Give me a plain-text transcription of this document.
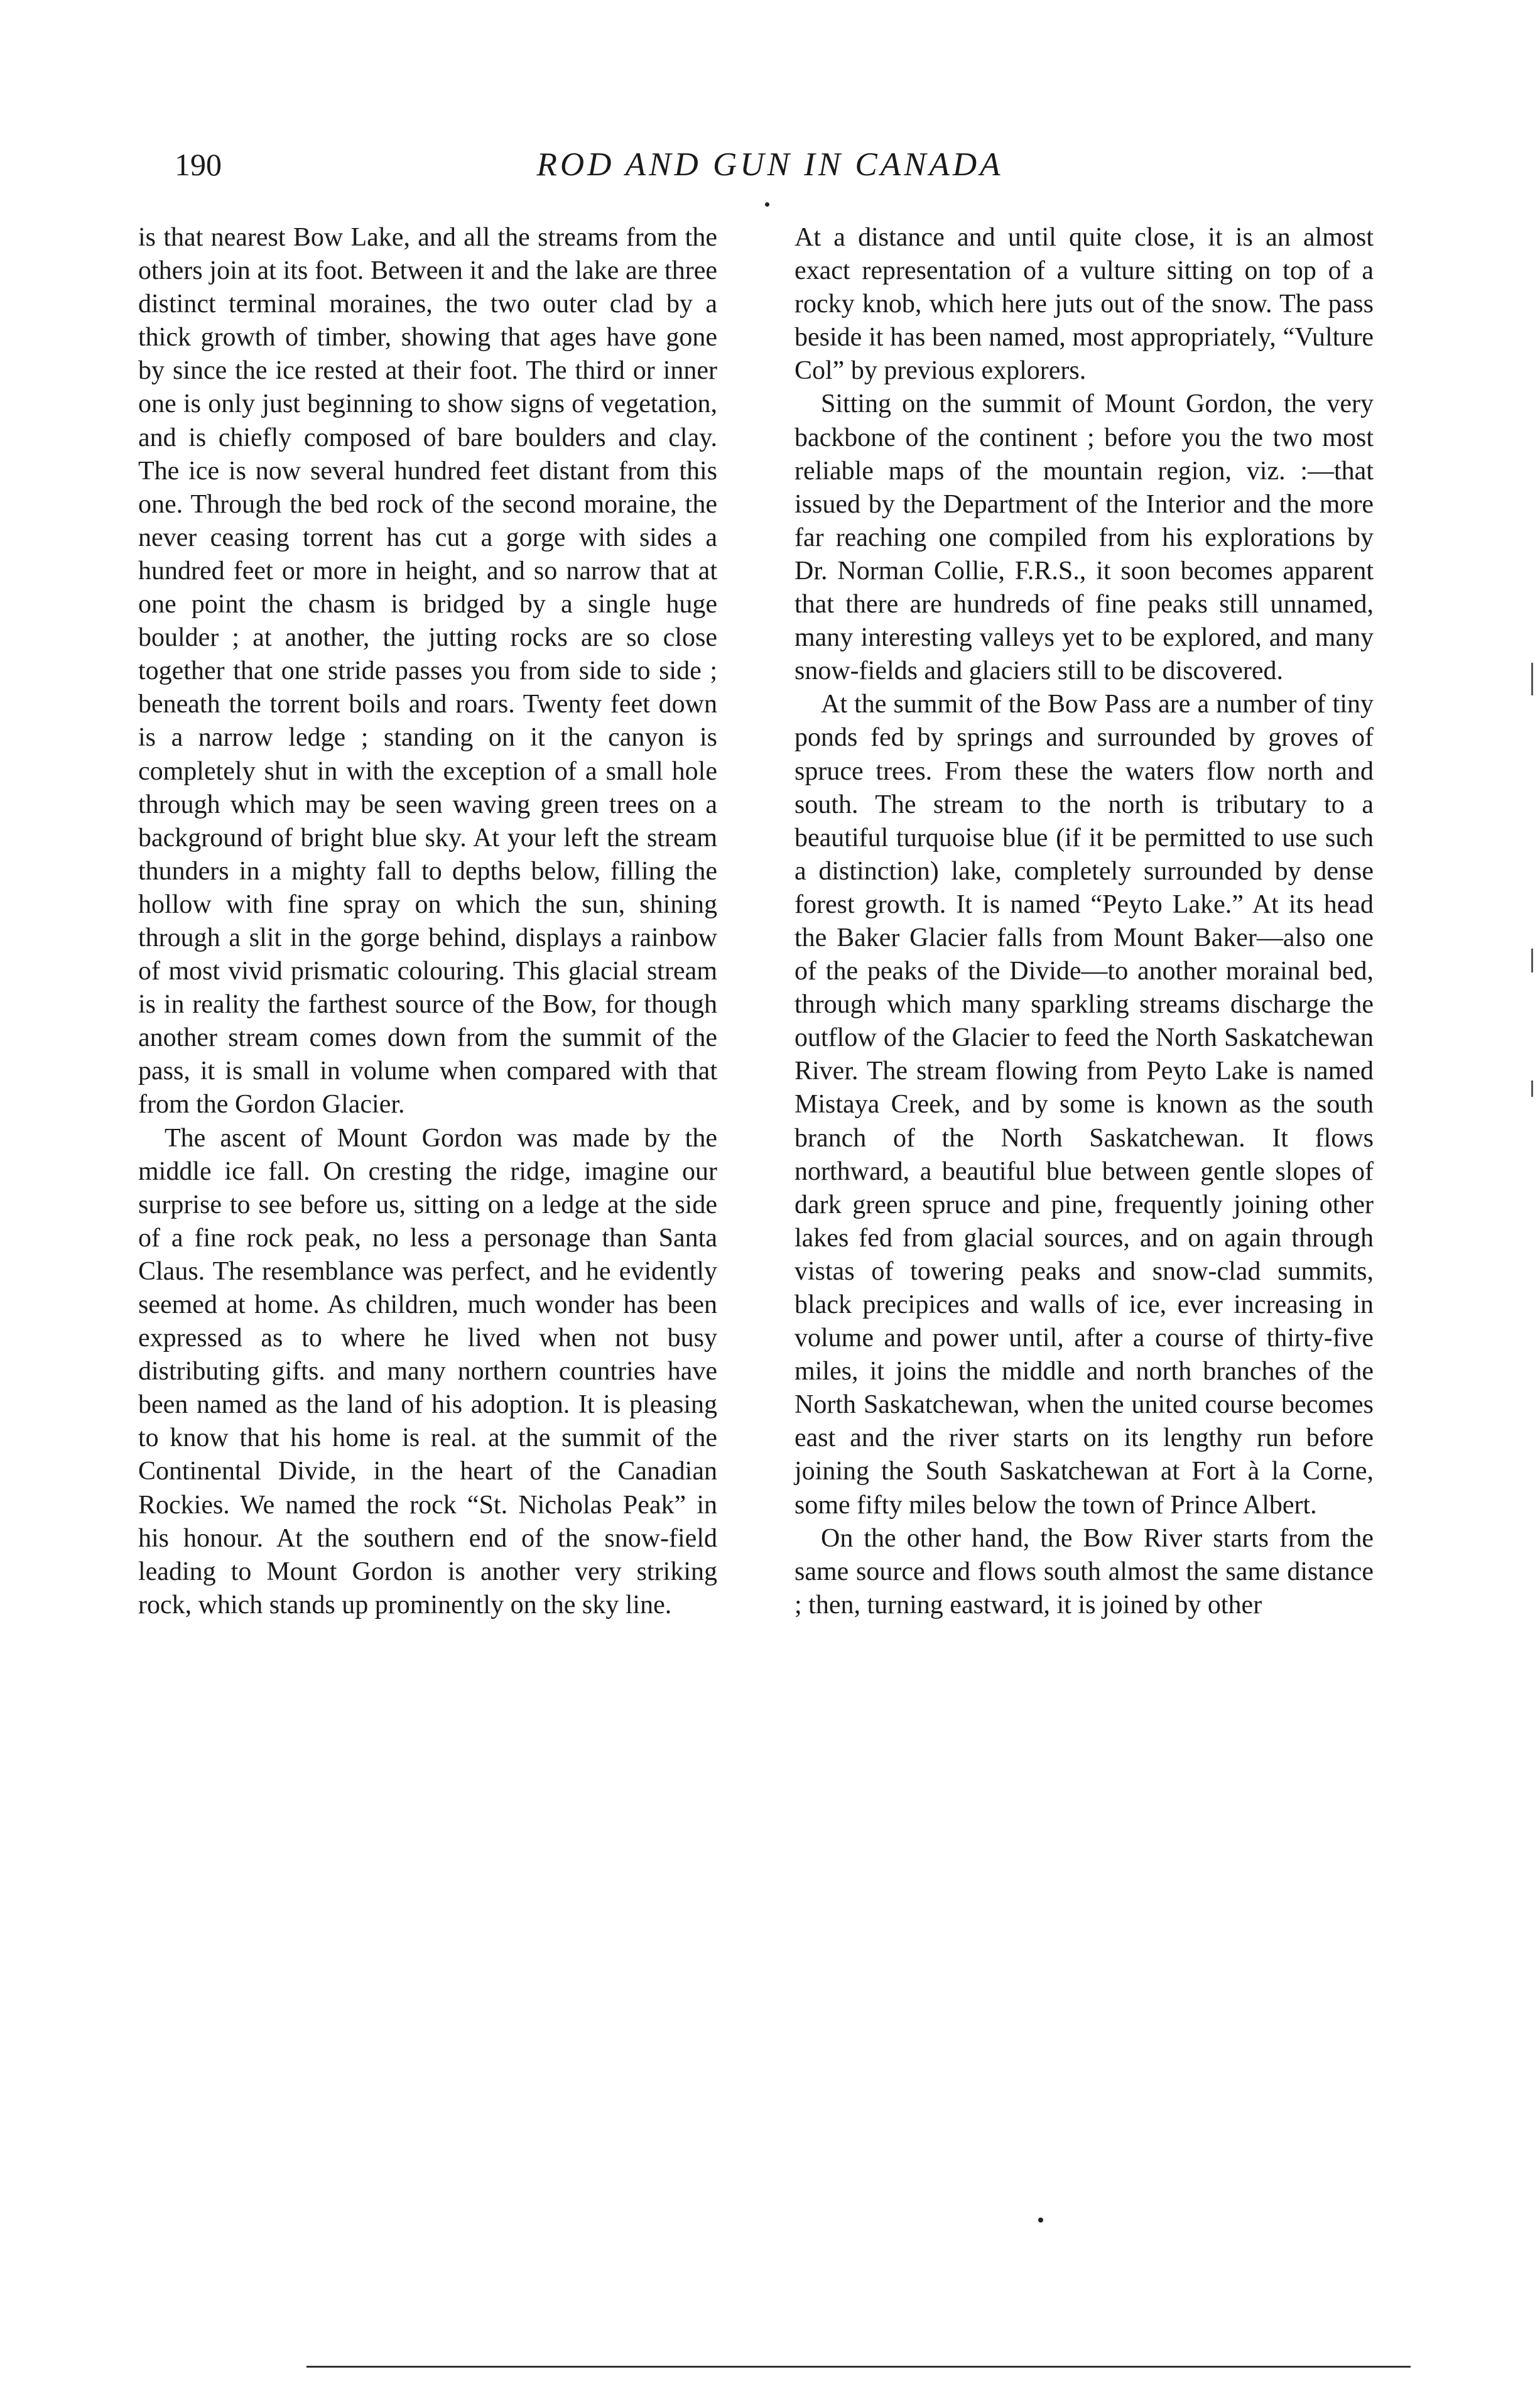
190	ROD AND GUN IN CANADA

is that nearest Bow Lake, and all the streams from the others join at its foot. Between it and the lake are three distinct terminal moraines, the two outer clad by a thick growth of timber, showing that ages have gone by since the ice rested at their foot. The third or inner one is only just beginning to show signs of vegetation, and is chiefly composed of bare boulders and clay. The ice is now several hundred feet distant from this one. Through the bed rock of the second moraine, the never ceasing torrent has cut a gorge with sides a hundred feet or more in height, and so narrow that at one point the chasm is bridged by a single huge boulder ; at another, the jutting rocks are so close together that one stride passes you from side to side ; beneath the torrent boils and roars. Twenty feet down is a narrow ledge ; standing on it the canyon is completely shut in with the exception of a small hole through which may be seen waving green trees on a background of bright blue sky. At your left the stream thunders in a mighty fall to depths below, filling the hollow with fine spray on which the sun, shining through a slit in the gorge behind, displays a rainbow of most vivid prismatic colouring. This glacial stream is in reality the farthest source of the Bow, for though another stream comes down from the summit of the pass, it is small in volume when compared with that from the Gordon Glacier.

The ascent of Mount Gordon was made by the middle ice fall. On cresting the ridge, imagine our surprise to see before us, sitting on a ledge at the side of a fine rock peak, no less a personage than Santa Claus. The resemblance was perfect, and he evidently seemed at home. As children, much wonder has been expressed as to where he lived when not busy distributing gifts. and many northern countries have been named as the land of his adoption. It is pleasing to know that his home is real. at the summit of the Continental Divide, in the heart of the Canadian Rockies. We named the rock “St. Nicholas Peak” in his honour. At the southern end of the snow-field leading to Mount Gordon is another very striking rock, which stands up prominently on the sky line.

At a distance and until quite close, it is an almost exact representation of a vulture sitting on top of a rocky knob, which here juts out of the snow. The pass beside it has been named, most appropriately, “Vulture Col” by previous explorers.

Sitting on the summit of Mount Gordon, the very backbone of the continent ; before you the two most reliable maps of the mountain region, viz. :—that issued by the Department of the Interior and the more far reaching one compiled from his explorations by Dr. Norman Collie, F.R.S., it soon becomes apparent that there are hundreds of fine peaks still unnamed, many interesting valleys yet to be explored, and many snow-fields and glaciers still to be discovered.

At the summit of the Bow Pass are a number of tiny ponds fed by springs and surrounded by groves of spruce trees. From these the waters flow north and south. The stream to the north is tributary to a beautiful turquoise blue (if it be permitted to use such a distinction) lake, completely surrounded by dense forest growth. It is named “Peyto Lake.” At its head the Baker Glacier falls from Mount Baker—also one of the peaks of the Divide—to another morainal bed, through which many sparkling streams discharge the outflow of the Glacier to feed the North Saskatchewan River. The stream flowing from Peyto Lake is named Mistaya Creek, and by some is known as the south branch of the North Saskatchewan. It flows northward, a beautiful blue between gentle slopes of dark green spruce and pine, frequently joining other lakes fed from glacial sources, and on again through vistas of towering peaks and snow-clad summits, black precipices and walls of ice, ever increasing in volume and power until, after a course of thirty-five miles, it joins the middle and north branches of the North Saskatchewan, when the united course becomes east and the river starts on its lengthy run before joining the South Saskatchewan at Fort à la Corne, some fifty miles below the town of Prince Albert.

On the other hand, the Bow River starts from the same source and flows south almost the same distance ; then, turning eastward, it is joined by other
